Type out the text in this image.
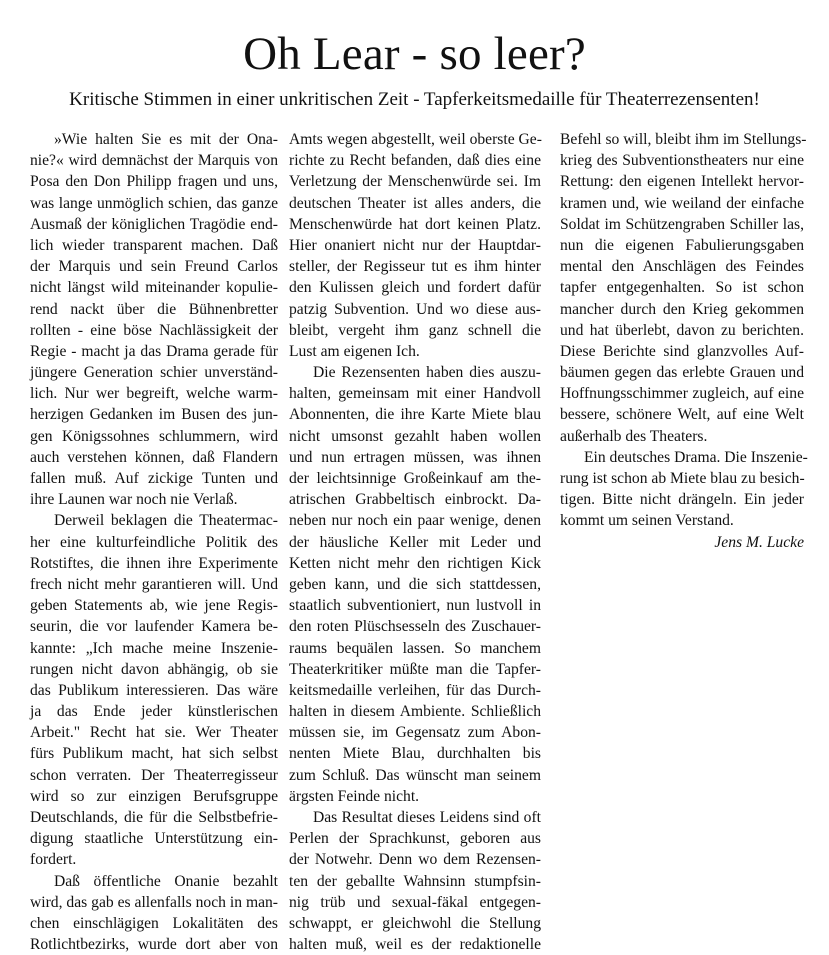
Oh Lear - so leer?
Kritische Stimmen in einer unkritischen Zeit - Tapferkeitsmedaille für Theaterrezensenten!
»Wie halten Sie es mit der Ona-
nie?« wird demnächst der Marquis von
Posa den Don Philipp fragen und uns,
was lange unmöglich schien, das ganze
Ausmaß der königlichen Tragödie end-
lich wieder transparent machen. Daß
der Marquis und sein Freund Carlos
nicht längst wild miteinander kopulie-
rend nackt über die Bühnenbretter
rollten - eine böse Nachlässigkeit der
Regie - macht ja das Drama gerade für
jüngere Generation schier unverständ-
lich. Nur wer begreift, welche warm-
herzigen Gedanken im Busen des jun-
gen Königssohnes schlummern, wird
auch verstehen können, daß Flandern
fallen muß. Auf zickige Tunten und
ihre Launen war noch nie Verlaß.
Derweil beklagen die Theatermac-
her eine kulturfeindliche Politik des
Rotstiftes, die ihnen ihre Experimente
frech nicht mehr garantieren will. Und
geben Statements ab, wie jene Regis-
seurin, die vor laufender Kamera be-
kannte: „Ich mache meine Inszenie-
rungen nicht davon abhängig, ob sie
das Publikum interessieren. Das wäre
ja das Ende jeder künstlerischen
Arbeit." Recht hat sie. Wer Theater
fürs Publikum macht, hat sich selbst
schon verraten. Der Theaterregisseur
wird so zur einzigen Berufsgruppe
Deutschlands, die für die Selbstbefrie-
digung staatliche Unterstützung ein-
fordert.
Daß öffentliche Onanie bezahlt
wird, das gab es allenfalls noch in man-
chen einschlägigen Lokalitäten des
Rotlichtbezirks, wurde dort aber von
Amts wegen abgestellt, weil oberste Ge-
richte zu Recht befanden, daß dies eine
Verletzung der Menschenwürde sei. Im
deutschen Theater ist alles anders, die
Menschenwürde hat dort keinen Platz.
Hier onaniert nicht nur der Hauptdar-
steller, der Regisseur tut es ihm hinter
den Kulissen gleich und fordert dafür
patzig Subvention. Und wo diese aus-
bleibt, vergeht ihm ganz schnell die
Lust am eigenen Ich.
Die Rezensenten haben dies auszu-
halten, gemeinsam mit einer Handvoll
Abonnenten, die ihre Karte Miete blau
nicht umsonst gezahlt haben wollen
und nun ertragen müssen, was ihnen
der leichtsinnige Großeinkauf am the-
atrischen Grabbeltisch einbrockt. Da-
neben nur noch ein paar wenige, denen
der häusliche Keller mit Leder und
Ketten nicht mehr den richtigen Kick
geben kann, und die sich stattdessen,
staatlich subventioniert, nun lustvoll in
den roten Plüschsesseln des Zuschauer-
raums bequälen lassen. So manchem
Theaterkritiker müßte man die Tapfer-
keitsmedaille verleihen, für das Durch-
halten in diesem Ambiente. Schließlich
müssen sie, im Gegensatz zum Abon-
nenten Miete Blau, durchhalten bis
zum Schluß. Das wünscht man seinem
ärgsten Feinde nicht.
Das Resultat dieses Leidens sind oft
Perlen der Sprachkunst, geboren aus
der Notwehr. Denn wo dem Rezensen-
ten der geballte Wahnsinn stumpfsin-
nig trüb und sexual-fäkal entgegen-
schwappt, er gleichwohl die Stellung
halten muß, weil es der redaktionelle
Befehl so will, bleibt ihm im Stellungs-
krieg des Subventionstheaters nur eine
Rettung: den eigenen Intellekt hervor-
kramen und, wie weiland der einfache
Soldat im Schützengraben Schiller las,
nun die eigenen Fabulierungsgaben
mental den Anschlägen des Feindes
tapfer entgegenhalten. So ist schon
mancher durch den Krieg gekommen
und hat überlebt, davon zu berichten.
Diese Berichte sind glanzvolles Auf-
bäumen gegen das erlebte Grauen und
Hoffnungsschimmer zugleich, auf eine
bessere, schönere Welt, auf eine Welt
außerhalb des Theaters.
Ein deutsches Drama. Die Inszenie-
rung ist schon ab Miete blau zu besich-
tigen. Bitte nicht drängeln. Ein jeder
kommt um seinen Verstand.
Jens M. Lucke
